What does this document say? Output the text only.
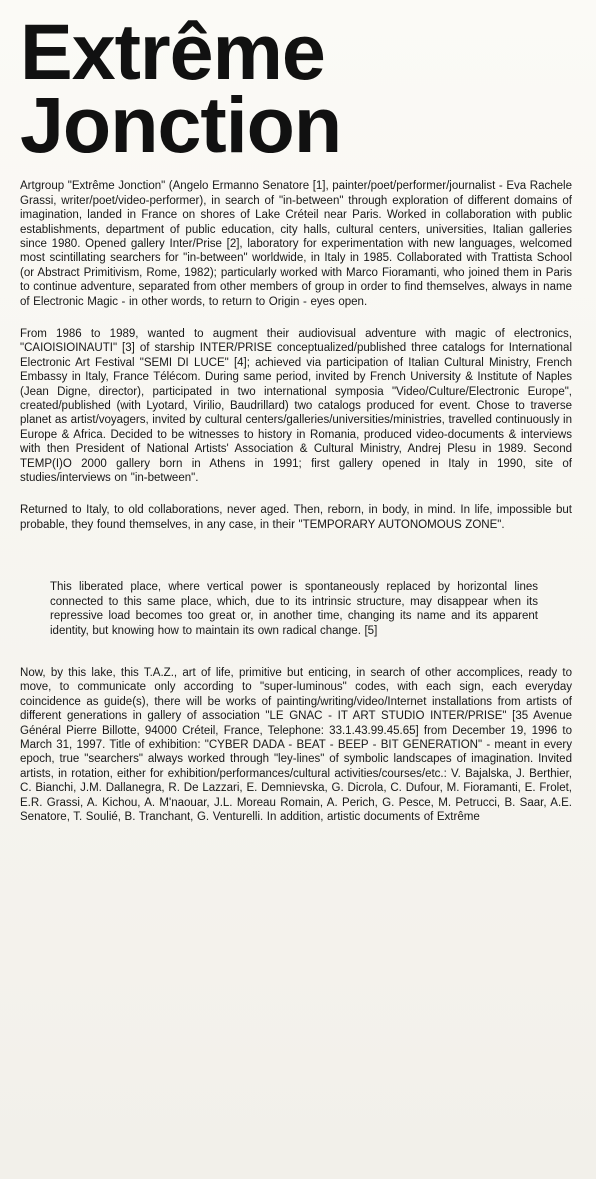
Extrême
Jonction

Artgroup "Extrême Jonction" (Angelo Ermanno Senatore [1], painter/poet/performer/journalist - Eva Rachele Grassi, writer/poet/video-performer), in search of "in-between" through exploration of different domains of imagination, landed in France on shores of Lake Créteil near Paris. Worked in collaboration with public establishments, department of public education, city halls, cultural centers, universities, Italian galleries since 1980. Opened gallery Inter/Prise [2], laboratory for experimentation with new languages, welcomed most scintillating searchers for "in-between" worldwide, in Italy in 1985. Collaborated with Trattista School (or Abstract Primitivism, Rome, 1982); particularly worked with Marco Fioramanti, who joined them in Paris to continue adventure, separated from other members of group in order to find themselves, always in name of Electronic Magic - in other words, to return to Origin - eyes open.

From 1986 to 1989, wanted to augment their audiovisual adventure with magic of electronics, "CAIOISIOINAUTI" [3] of starship INTER/PRISE conceptualized/published three catalogs for International Electronic Art Festival "SEMI DI LUCE" [4]; achieved via participation of Italian Cultural Ministry, French Embassy in Italy, France Télécom. During same period, invited by French University & Institute of Naples (Jean Digne, director), participated in two international symposia "Video/Culture/Electronic Europe", created/published (with Lyotard, Virilio, Baudrillard) two catalogs produced for event. Chose to traverse planet as artist/voyagers, invited by cultural centers/galleries/universities/ministries, travelled continuously in Europe & Africa. Decided to be witnesses to history in Romania, produced video-documents & interviews with then President of National Artists' Association & Cultural Ministry, Andrej Plesu in 1989. Second TEMP(I)O 2000 gallery born in Athens in 1991; first gallery opened in Italy in 1990, site of studies/interviews on "in-between".

Returned to Italy, to old collaborations, never aged. Then, reborn, in body, in mind. In life, impossible but probable, they found themselves, in any case, in their "TEMPORARY AUTONOMOUS ZONE".

This liberated place, where vertical power is spontaneously replaced by horizontal lines connected to this same place, which, due to its intrinsic structure, may disappear when its repressive load becomes too great or, in another time, changing its name and its apparent identity, but knowing how to maintain its own radical change. [5]

Now, by this lake, this T.A.Z., art of life, primitive but enticing, in search of other accomplices, ready to move, to communicate only according to "super-luminous" codes, with each sign, each everyday coincidence as guide(s), there will be works of painting/writing/video/Internet installations from artists of different generations in gallery of association "LE GNAC - IT ART STUDIO INTER/PRISE" [35 Avenue Général Pierre Billotte, 94000 Créteil, France, Telephone: 33.1.43.99.45.65] from December 19, 1996 to March 31, 1997. Title of exhibition: "CYBER DADA - BEAT - BEEP - BIT GENERATION" - meant in every epoch, true "searchers" always worked through "ley-lines" of symbolic landscapes of imagination. Invited artists, in rotation, either for exhibition/performances/cultural activities/courses/etc.: V. Bajalska, J. Berthier, C. Bianchi, J.M. Dallanegra, R. De Lazzari, E. Demnievska, G. Dicrola, C. Dufour, M. Fioramanti, E. Frolet, E.R. Grassi, A. Kichou, A. M'naouar, J.L. Moreau Romain, A. Perich, G. Pesce, M. Petrucci, B. Saar, A.E. Senatore, T. Soulié, B. Tranchant, G. Venturelli. In addition, artistic documents of Extrême
